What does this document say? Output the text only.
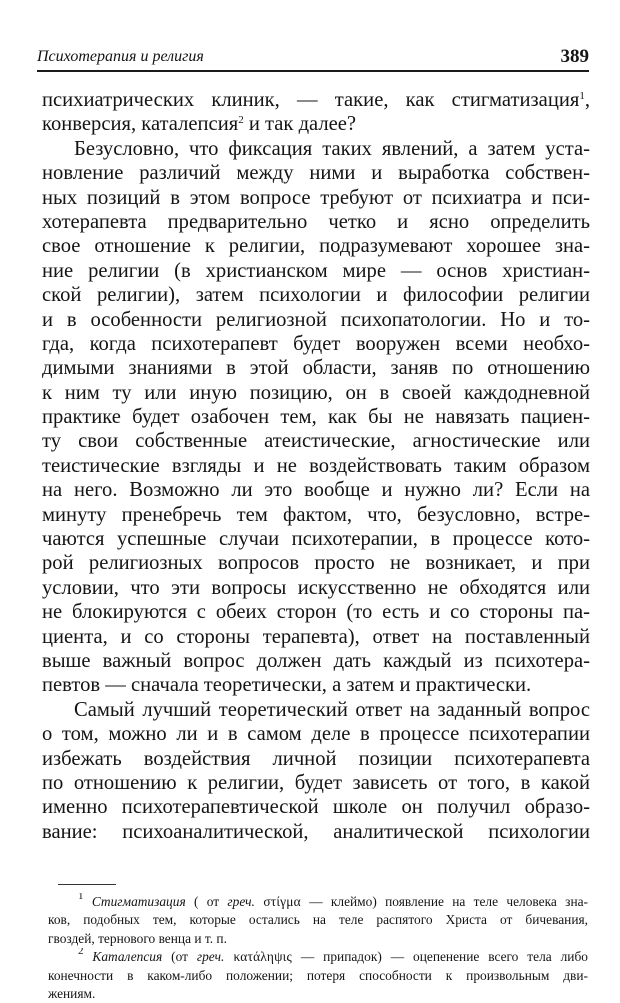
Психотерапия и религия	389
психиатрических клиник, — такие, как стигматизация$^1$,
конверсия, каталепсия$^2$ и так далее?
Безусловно, что фиксация таких явлений, а затем уста-
новление различий между ними и выработка собствен-
ных позиций в этом вопросе требуют от психиатра и пси-
хотерапевта предварительно четко и ясно определить
свое отношение к религии, подразумевают хорошее зна-
ние религии (в христианском мире — основ христиан-
ской религии), затем психологии и философии религии
и в особенности религиозной психопатологии. Но и то-
гда, когда психотерапевт будет вооружен всеми необхо-
димыми знаниями в этой области, заняв по отношению
к ним ту или иную позицию, он в своей каждодневной
практике будет озабочен тем, как бы не навязать пациен-
ту свои собственные атеистические, агностические или
теистические взгляды и не воздействовать таким образом
на него. Возможно ли это вообще и нужно ли? Если на
минуту пренебречь тем фактом, что, безусловно, встре-
чаются успешные случаи психотерапии, в процессе кото-
рой религиозных вопросов просто не возникает, и при
условии, что эти вопросы искусственно не обходятся или
не блокируются с обеих сторон (то есть и со стороны па-
циента, и со стороны терапевта), ответ на поставленный
выше важный вопрос должен дать каждый из психотера-
певтов — сначала теоретически, а затем и практически.
Самый лучший теоретический ответ на заданный вопрос
о том, можно ли и в самом деле в процессе психотерапии
избежать воздействия личной позиции психотерапевта
по отношению к религии, будет зависеть от того, в какой
именно психотерапевтической школе он получил образо-
вание: психоаналитической, аналитической психологии
$^1$ Стигматизация ( от греч. στίγμα — клеймо) появление на теле человека зна-
ков, подобных тем, которые остались на теле распятого Христа от бичевания,
гвоздей, тернового венца и т. п.
$^2$ Каталепсия (от греч. κατάληψις — припадок) — оцепенение всего тела либо
конечности в каком-либо положении; потеря способности к произвольным дви-
жениям.
